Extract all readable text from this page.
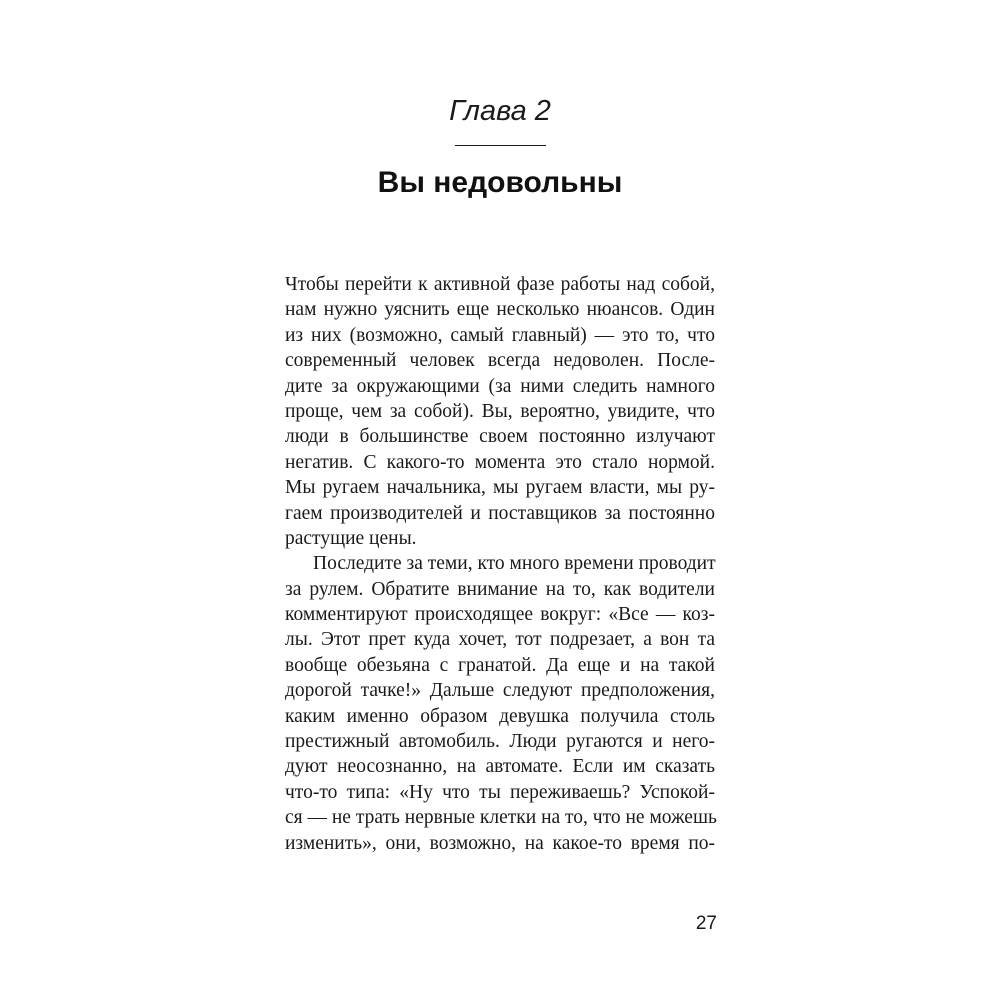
Глава 2
Вы недовольны
Чтобы перейти к активной фазе работы над собой,
нам нужно уяснить еще несколько нюансов. Один
из них (возможно, самый главный) — это то, что
современный человек всегда недоволен. После-
дите за окружающими (за ними следить намного
проще, чем за собой). Вы, вероятно, увидите, что
люди в большинстве своем постоянно излучают
негатив. С какого-то момента это стало нормой.
Мы ругаем начальника, мы ругаем власти, мы ру-
гаем производителей и поставщиков за постоянно
растущие цены.
Последите за теми, кто много времени проводит
за рулем. Обратите внимание на то, как водители
комментируют происходящее вокруг: «Все — коз-
лы. Этот прет куда хочет, тот подрезает, а вон та
вообще обезьяна с гранатой. Да еще и на такой
дорогой тачке!» Дальше следуют предположения,
каким именно образом девушка получила столь
престижный автомобиль. Люди ругаются и него-
дуют неосознанно, на автомате. Если им сказать
что-то типа: «Ну что ты переживаешь? Успокой-
ся — не трать нервные клетки на то, что не можешь
изменить», они, возможно, на какое-то время по-
27
